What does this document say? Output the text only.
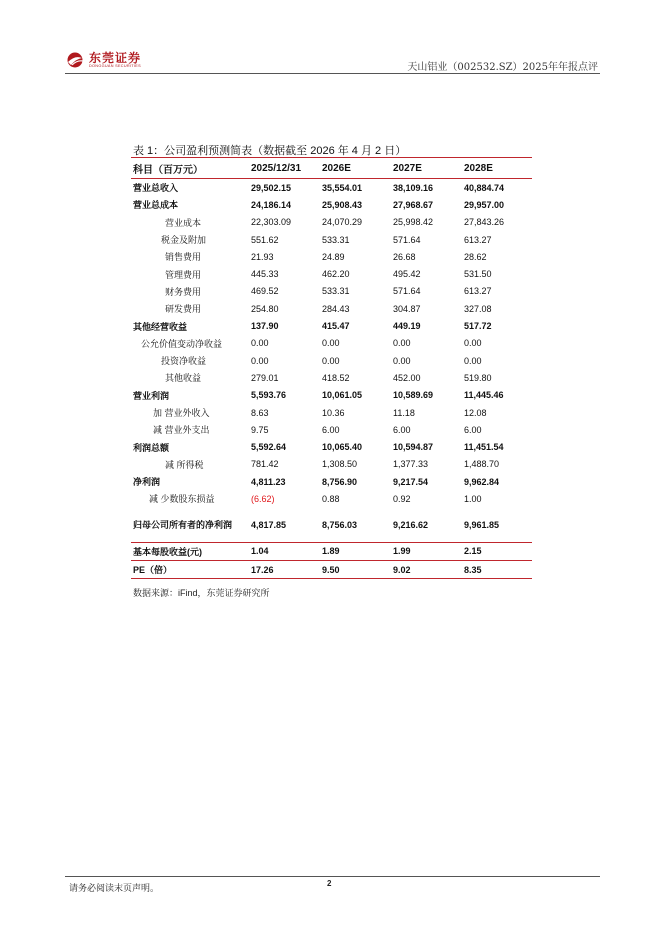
东莞证券
DONGGUAN SECURITIES	天山铝业（002532.SZ）2025年年报点评
表 1：公司盈利预测简表（数据截至 2026 年 4 月 2 日）
科目（百万元）	2025/12/31	2026E	2027E	2028E
营业总收入	29,502.15	35,554.01	38,109.16	40,884.74
营业总成本	24,186.14	25,908.43	27,968.67	29,957.00
营业成本	22,303.09	24,070.29	25,998.42	27,843.26
税金及附加	551.62	533.31	571.64	613.27
销售费用	21.93	24.89	26.68	28.62
管理费用	445.33	462.20	495.42	531.50
财务费用	469.52	533.31	571.64	613.27
研发费用	254.80	284.43	304.87	327.08
其他经营收益	137.90	415.47	449.19	517.72
公允价值变动净收益	0.00	0.00	0.00	0.00
投资净收益	0.00	0.00	0.00	0.00
其他收益	279.01	418.52	452.00	519.80
营业利润	5,593.76	10,061.05	10,589.69	11,445.46
加 营业外收入	8.63	10.36	11.18	12.08
减 营业外支出	9.75	6.00	6.00	6.00
利润总额	5,592.64	10,065.40	10,594.87	11,451.54
减 所得税	781.42	1,308.50	1,377.33	1,488.70
净利润	4,811.23	8,756.90	9,217.54	9,962.84
减 少数股东损益	(6.62)	0.88	0.92	1.00
归母公司所有者的净利润	4,817.85	8,756.03	9,216.62	9,961.85
基本每股收益(元)	1.04	1.89	1.99	2.15
PE（倍）	17.26	9.50	9.02	8.35
数据来源：iFind，东莞证券研究所
请务必阅读末页声明。	2
